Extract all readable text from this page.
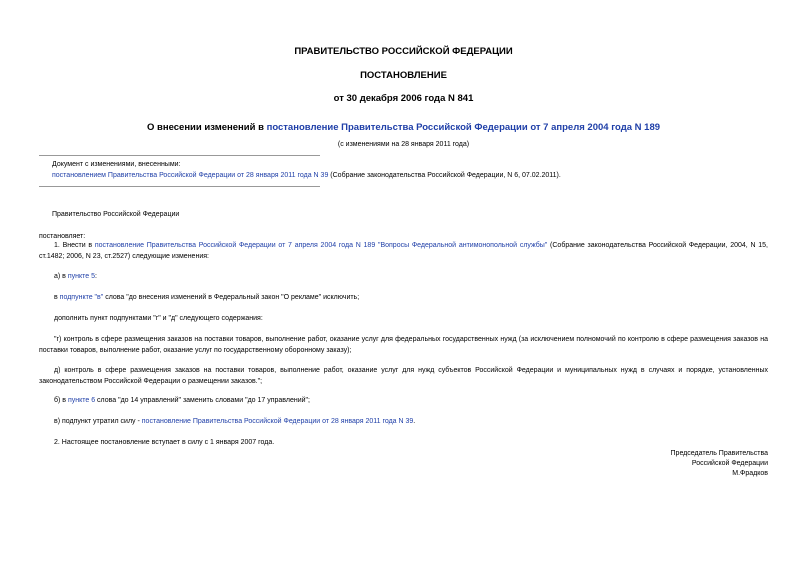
ПРАВИТЕЛЬСТВО РОССИЙСКОЙ ФЕДЕРАЦИИ
ПОСТАНОВЛЕНИЕ
от 30 декабря 2006 года N 841
О внесении изменений в постановление Правительства Российской Федерации от 7 апреля 2004 года N 189
(с изменениями на 28 января 2011 года)
Документ с изменениями, внесенными:
постановлением Правительства Российской Федерации от 28 января 2011 года N 39 (Собрание законодательства Российской Федерации, N 6, 07.02.2011).
Правительство Российской Федерации
постановляет:
1. Внести в постановление Правительства Российской Федерации от 7 апреля 2004 года N 189 "Вопросы Федеральной антимонопольной службы" (Собрание законодательства Российской Федерации, 2004, N 15, ст.1482; 2006, N 23, ст.2527) следующие изменения:
а) в пункте 5:
в подпункте "в" слова "до внесения изменений в Федеральный закон "О рекламе" исключить;
дополнить пункт подпунктами "г" и "д" следующего содержания:
"г) контроль в сфере размещения заказов на поставки товаров, выполнение работ, оказание услуг для федеральных государственных нужд (за исключением полномочий по контролю в сфере размещения заказов на поставки товаров, выполнение работ, оказание услуг по государственному оборонному заказу);
д) контроль в сфере размещения заказов на поставки товаров, выполнение работ, оказание услуг для нужд субъектов Российской Федерации и муниципальных нужд в случаях и порядке, установленных законодательством Российской Федерации о размещении заказов.";
б) в пункте 6 слова "до 14 управлений" заменить словами "до 17 управлений";
в) подпункт утратил силу - постановление Правительства Российской Федерации от 28 января 2011 года N 39.
2. Настоящее постановление вступает в силу с 1 января 2007 года.
Председатель Правительства
Российской Федерации
М.Фрадков
